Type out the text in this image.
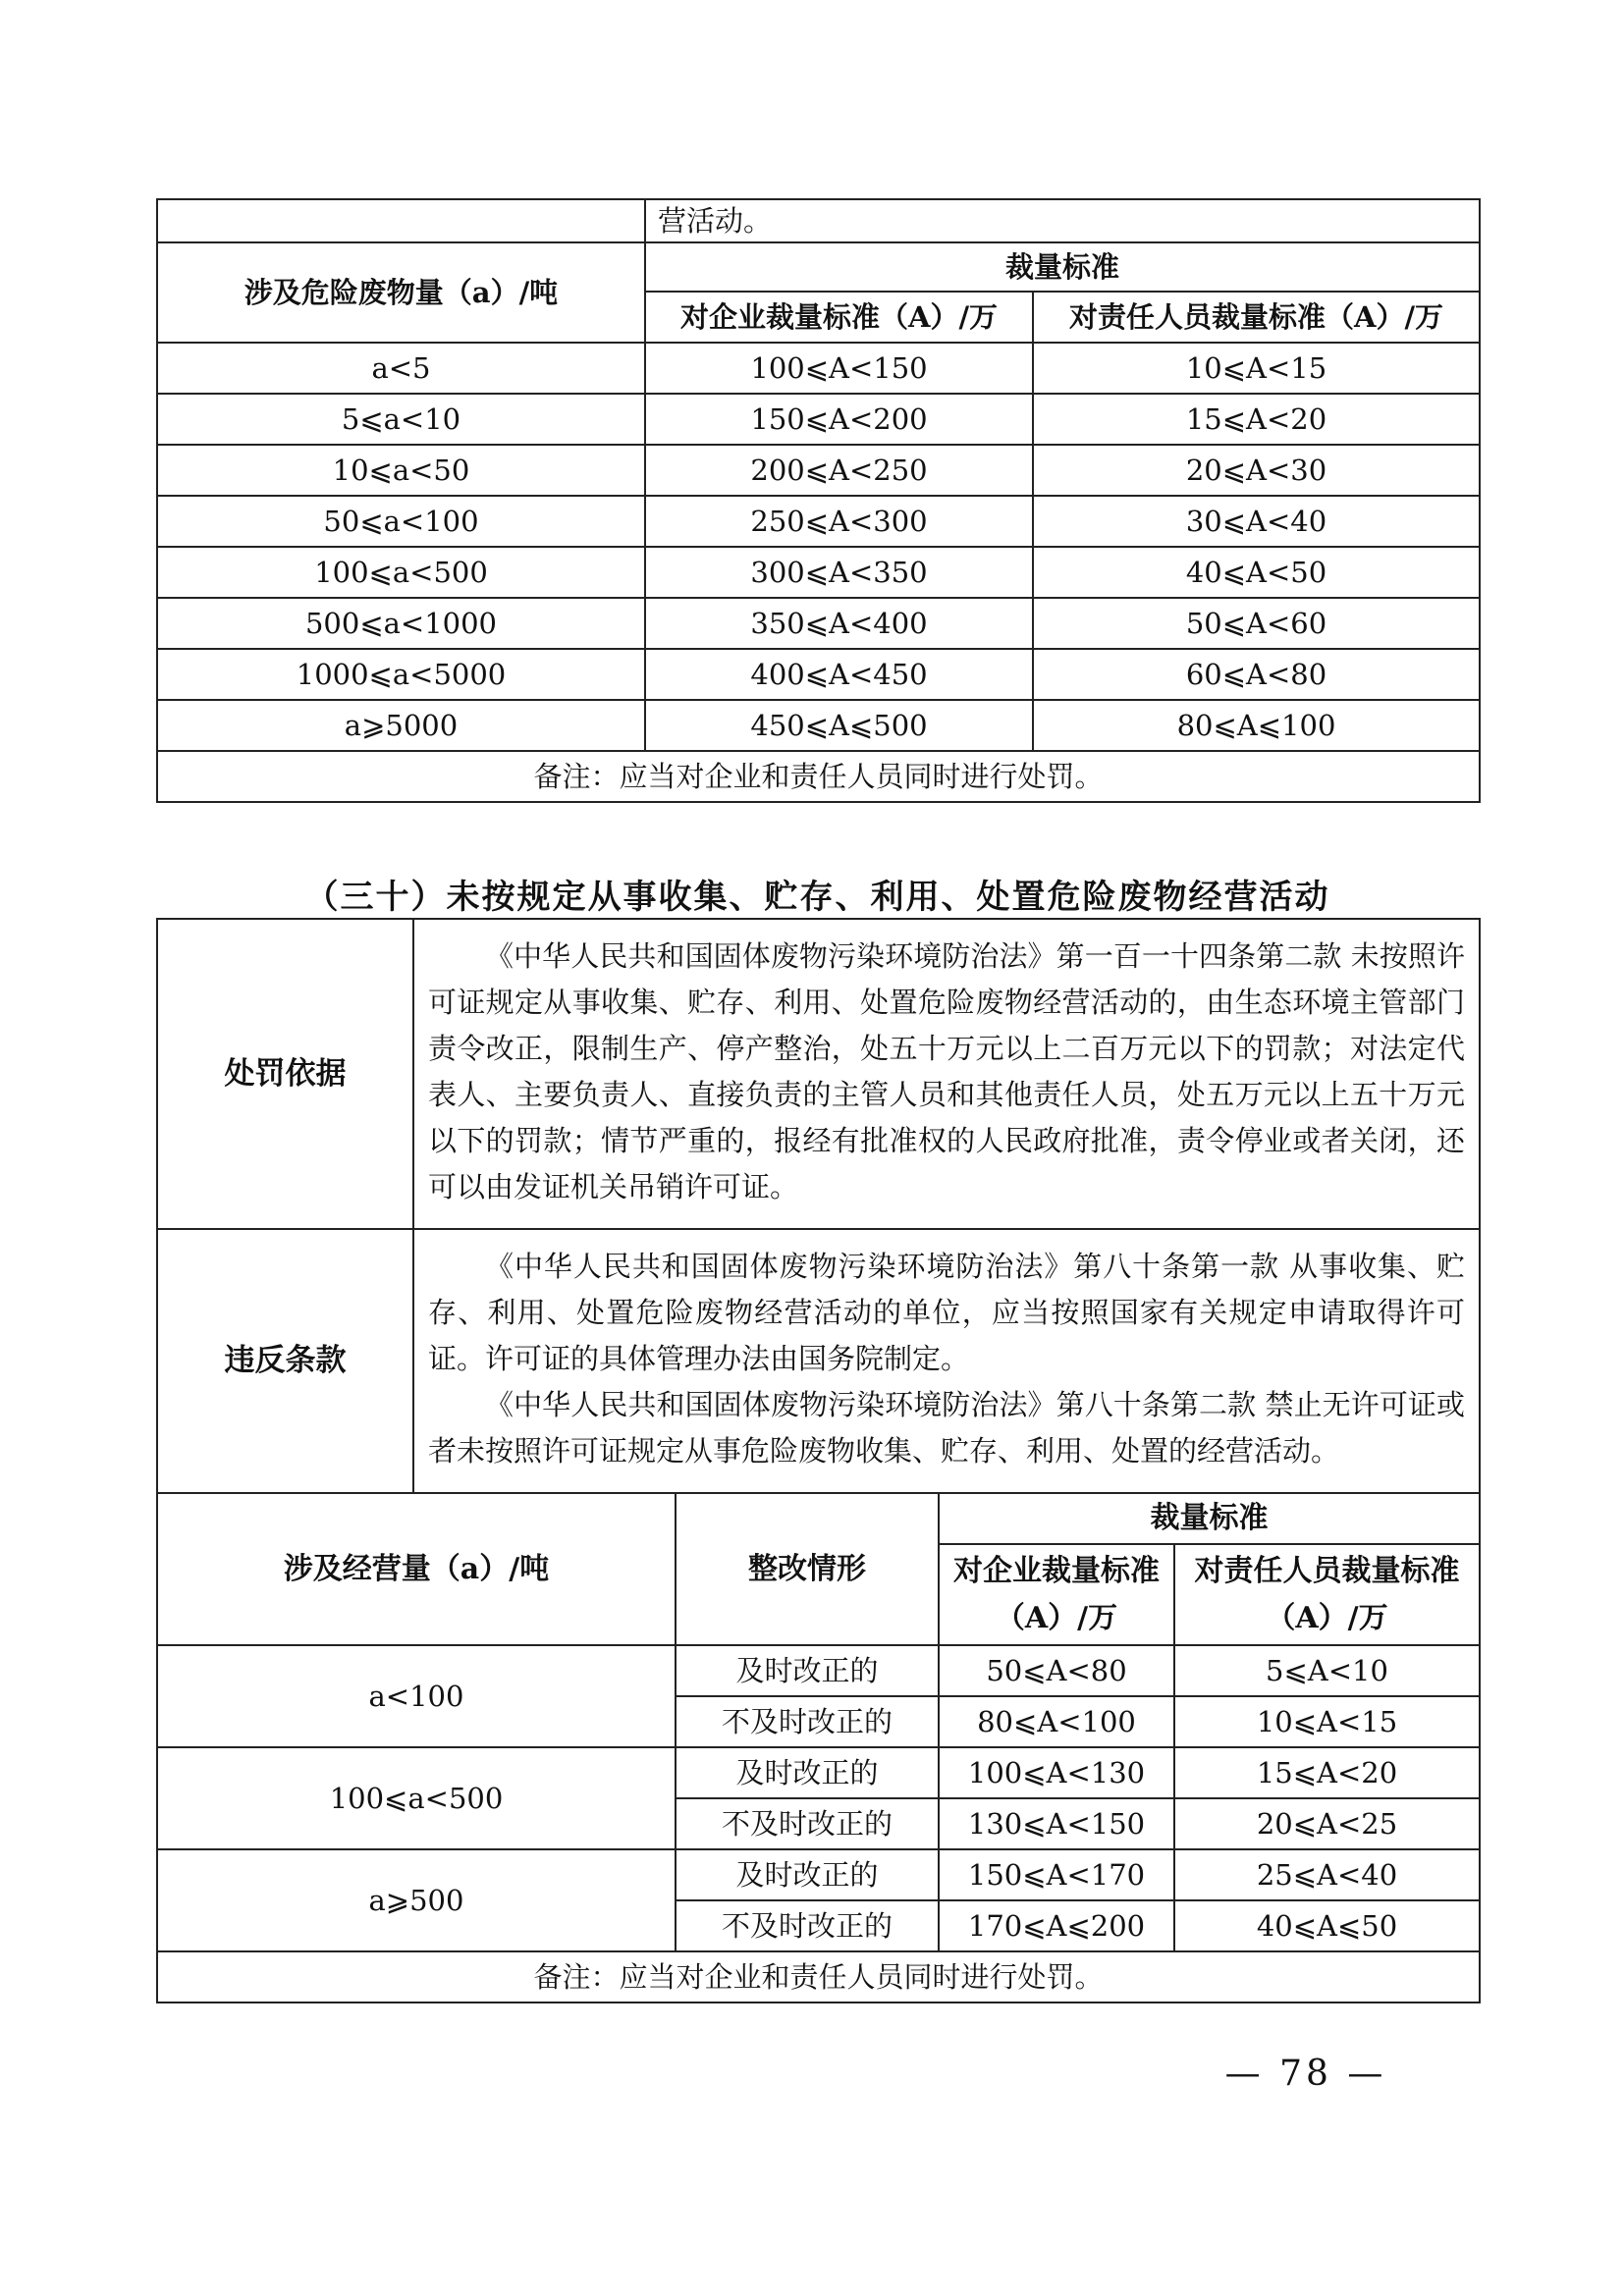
	营活动。	
涉及危险废物量（a）/吨	裁量标准	
	对企业裁量标准（A）/万	对责任人员裁量标准（A）/万
a<5	100⩽A<150	10⩽A<15
5⩽a<10	150⩽A<200	15⩽A<20
10⩽a<50	200⩽A<250	20⩽A<30
50⩽a<100	250⩽A<300	30⩽A<40
100⩽a<500	300⩽A<350	40⩽A<50
500⩽a<1000	350⩽A<400	50⩽A<60
1000⩽a<5000	400⩽A<450	60⩽A<80
a⩾5000	450⩽A⩽500	80⩽A⩽100
备注：应当对企业和责任人员同时进行处罚。		
（三十）未按规定从事收集、贮存、利用、处置危险废物经营活动
处罚依据	《中华人民共和国固体废物污染环境防治法》第一百一十四条第二款 未按照许可证规定从事收集、贮存、利用、处置危险废物经营活动的，由生态环境主管部门责令改正，限制生产、停产整治，处五十万元以上二百万元以下的罚款；对法定代表人、主要负责人、直接负责的主管人员和其他责任人员，处五万元以上五十万元以下的罚款；情节严重的，报经有批准权的人民政府批准，责令停业或者关闭，还可以由发证机关吊销许可证。

违反条款	《中华人民共和国固体废物污染环境防治法》第八十条第一款 从事收集、贮存、利用、处置危险废物经营活动的单位，应当按照国家有关规定申请取得许可证。许可证的具体管理办法由国务院制定。

《中华人民共和国固体废物污染环境防治法》第八十条第二款 禁止无许可证或者未按照许可证规定从事危险废物收集、贮存、利用、处置的经营活动。

涉及经营量（a）/吨	整改情形	裁量标准	
		对企业裁量标准（A）/万	对责任人员裁量标准（A）/万
a<100	及时改正的	50⩽A<80	5⩽A<10
	不及时改正的	80⩽A<100	10⩽A<15
100⩽a<500	及时改正的	100⩽A<130	15⩽A<20
	不及时改正的	130⩽A<150	20⩽A<25
a⩾500	及时改正的	150⩽A<170	25⩽A<40
	不及时改正的	170⩽A⩽200	40⩽A⩽50
备注：应当对企业和责任人员同时进行处罚。			
— 78 —
